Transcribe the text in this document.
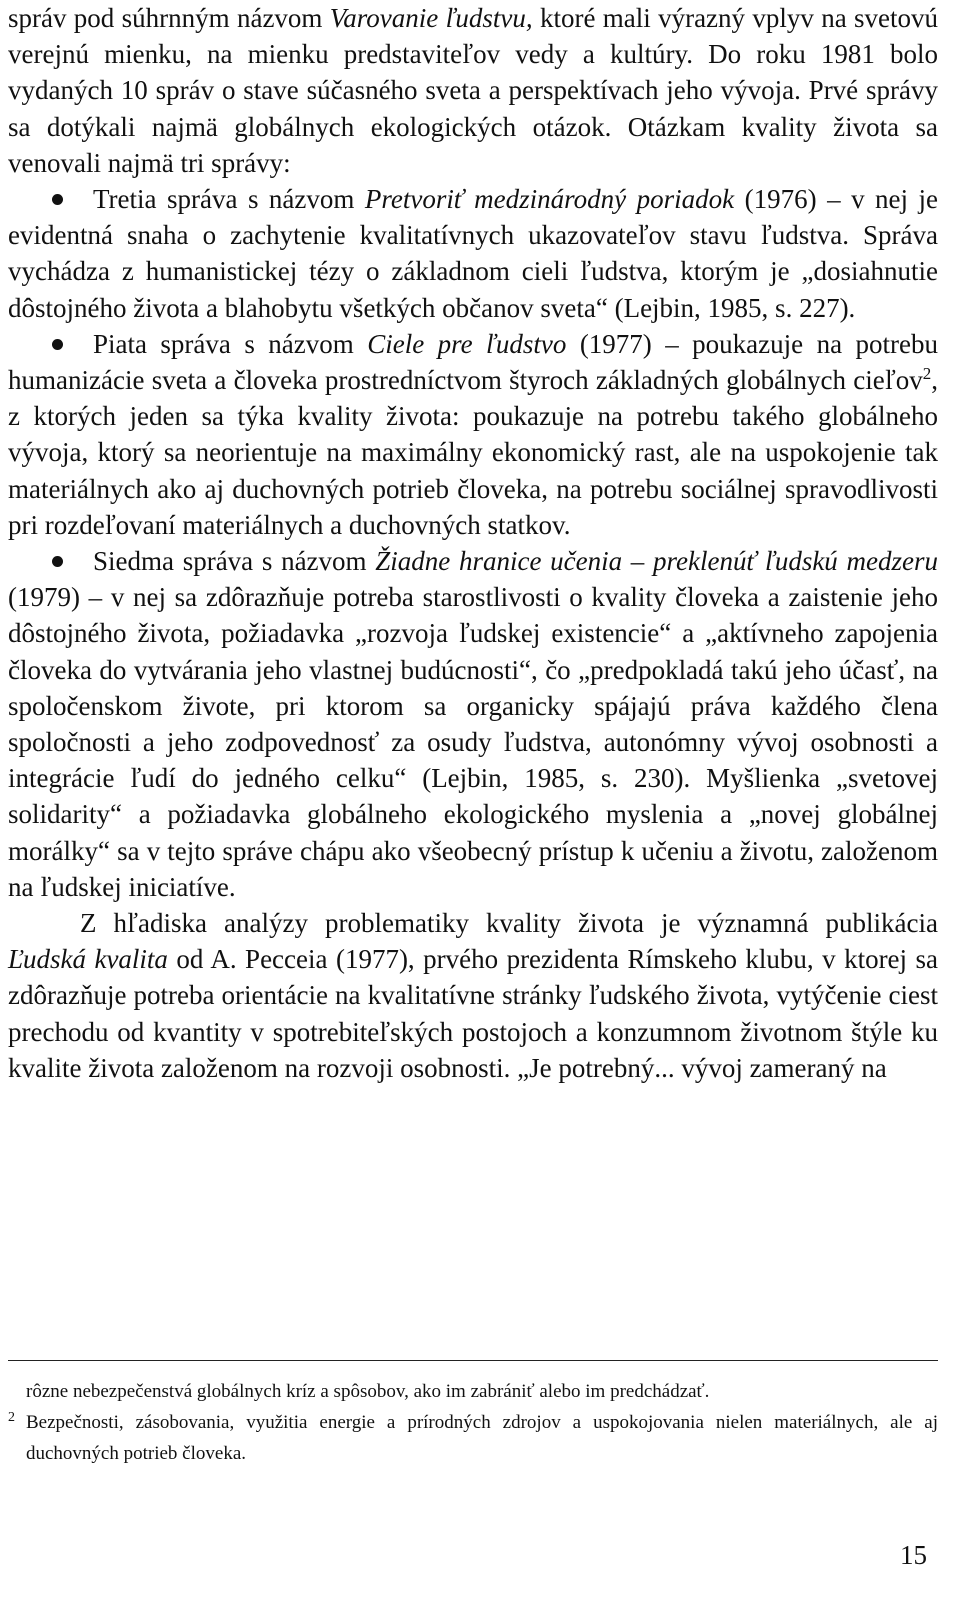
správ pod súhrnným názvom Varovanie ľudstvu, ktoré mali výrazný vplyv na svetovú verejnú mienku, na mienku predstaviteľov vedy a kultúry. Do roku 1981 bolo vydaných 10 správ o stave súčasného sveta a perspektívach jeho vývoja. Prvé správy sa dotýkali najmä globálnych ekologických otázok. Otázkam kvality života sa venovali najmä tri správy:

Tretia správa s názvom Pretvoriť medzinárodný poriadok (1976) – v nej je evidentná snaha o zachytenie kvalitatívnych ukazovateľov stavu ľudstva. Správa vychádza z humanistickej tézy o základnom cieli ľudstva, ktorým je „dosiahnutie dôstojného života a blahobytu všetkých občanov sveta“ (Lejbin, 1985, s. 227).

Piata správa s názvom Ciele pre ľudstvo (1977) – poukazuje na potrebu humanizácie sveta a človeka prostredníctvom štyroch základných globálnych cieľov$^2$, z ktorých jeden sa týka kvality života: poukazuje na potrebu takého globálneho vývoja, ktorý sa neorientuje na maximálny ekonomický rast, ale na uspokojenie tak materiálnych ako aj duchovných potrieb človeka, na potrebu sociálnej spravodlivosti pri rozdeľovaní materiálnych a duchovných statkov.

Siedma správa s názvom Žiadne hranice učenia – preklenúť ľudskú medzeru (1979) – v nej sa zdôrazňuje potreba starostlivosti o kvality človeka a zaistenie jeho dôstojného života, požiadavka „rozvoja ľudskej existencie“ a „aktívneho zapojenia človeka do vytvárania jeho vlastnej budúcnosti“, čo „predpokladá takú jeho účasť, na spoločenskom živote, pri ktorom sa organicky spájajú práva každého člena spoločnosti a jeho zodpovednosť za osudy ľudstva, autonómny vývoj osobnosti a integrácie ľudí do jedného celku“ (Lejbin, 1985, s. 230). Myšlienka „svetovej solidarity“ a požiadavka globálneho ekologického myslenia a „novej globálnej morálky“ sa v tejto správe chápu ako všeobecný prístup k učeniu a životu, založenom na ľudskej iniciatíve.

Z hľadiska analýzy problematiky kvality života je významná publikácia Ľudská kvalita od A. Pecceia (1977), prvého prezidenta Rímskeho klubu, v ktorej sa zdôrazňuje potreba orientácie na kvalitatívne stránky ľudského života, vytýčenie ciest prechodu od kvantity v spotrebiteľských postojoch a konzumnom životnom štýle ku kvalite života založenom na rozvoji osobnosti. „Je potrebný... vývoj zameraný na

rôzne nebezpečenstvá globálnych kríz a spôsobov, ako im zabrániť alebo im predchádzať.

2 Bezpečnosti, zásobovania, využitia energie a prírodných zdrojov a uspokojovania nielen materiálnych, ale aj duchovných potrieb človeka.

15
